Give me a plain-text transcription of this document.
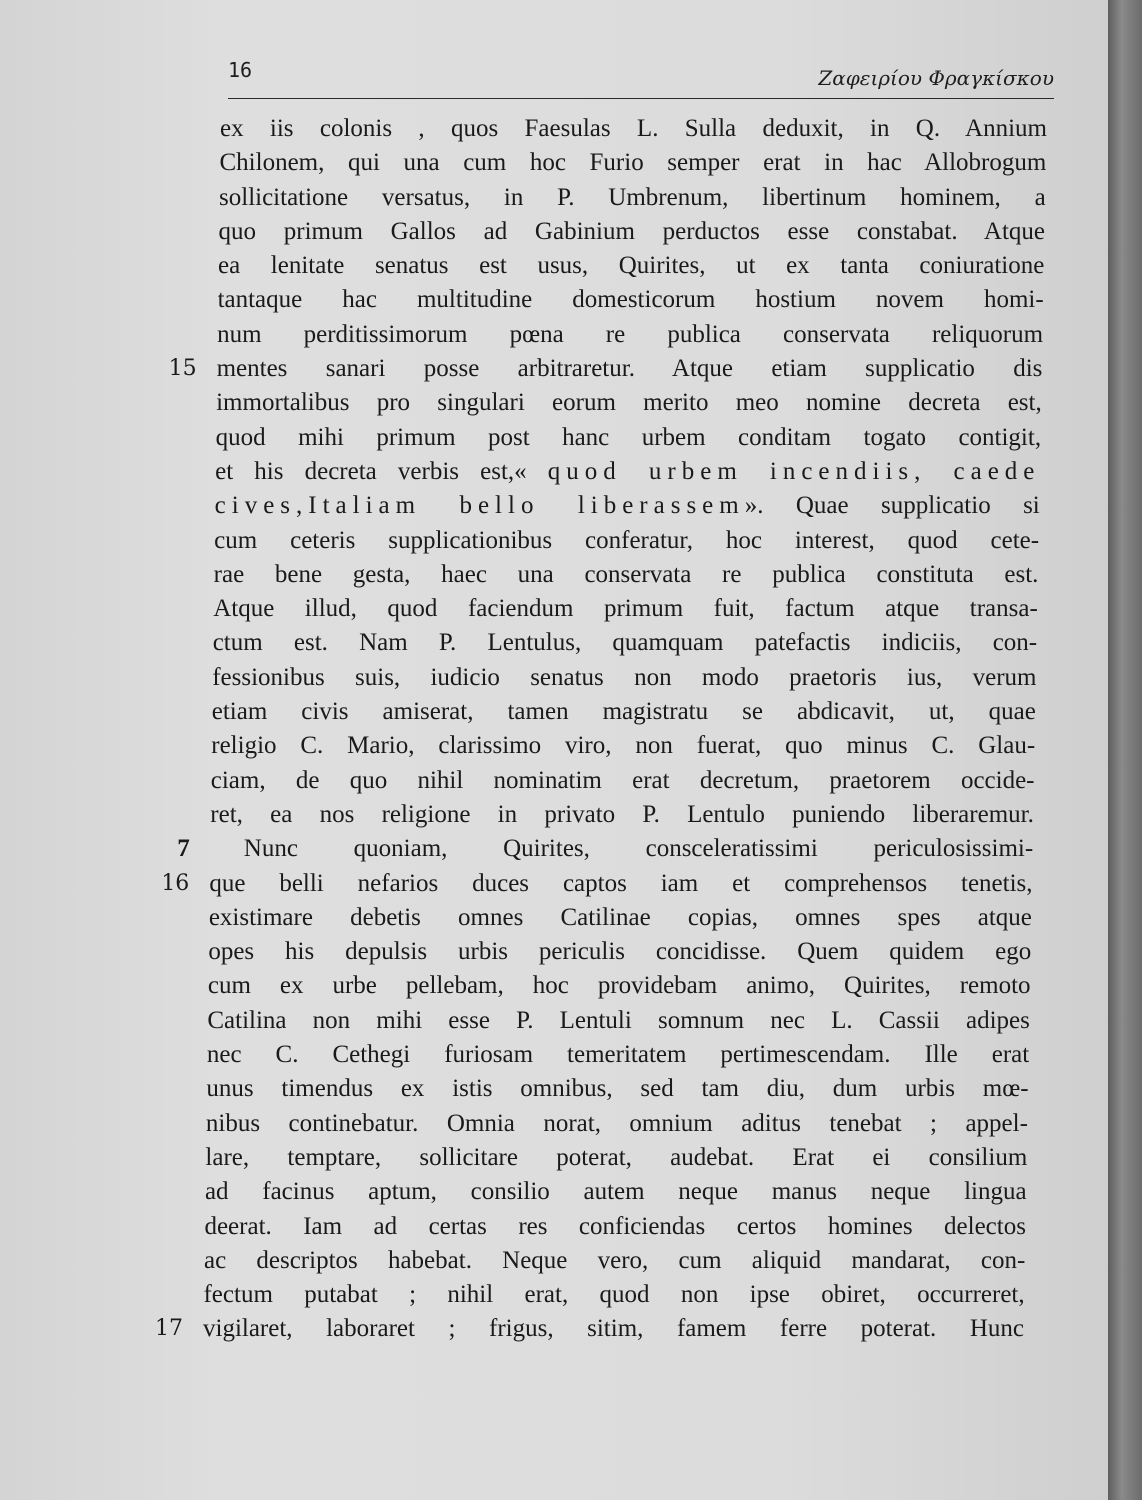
16	Ζαφειρίου Φραγκίσκου
ex iis colonis , quos Faesulas L. Sulla deduxit, in Q. Annium
Chilonem, qui una cum hoc Furio semper erat in hac Allobrogum
sollicitatione versatus, in P. Umbrenum, libertinum hominem, a
quo primum Gallos ad Gabinium perductos esse constabat. Atque
ea lenitate senatus est usus, Quirites, ut ex tanta coniuratione
tantaque hac multitudine domesticorum hostium novem homi-
num perditissimorum pœna re publica conservata reliquorum
15 mentes sanari posse arbitraretur. Atque etiam supplicatio dis
immortalibus pro singulari eorum merito meo nomine decreta est,
quod mihi primum post hanc urbem conditam togato contigit,
et his decreta verbis est,« quod urbem incendiis, caede
cives,Italiam bello liberassem». Quae supplicatio si
cum ceteris supplicationibus conferatur, hoc interest, quod cete-
rae bene gesta, haec una conservata re publica constituta est.
Atque illud, quod faciendum primum fuit, factum atque transa-
ctum est. Nam P. Lentulus, quamquam patefactis indiciis, con-
fessionibus suis, iudicio senatus non modo praetoris ius, verum
etiam civis amiserat, tamen magistratu se abdicavit, ut, quae
religio C. Mario, clarissimo viro, non fuerat, quo minus C. Glau-
ciam, de quo nihil nominatim erat decretum, praetorem occide-
ret, ea nos religione in privato P. Lentulo puniendo liberaremur.
7	Nunc quoniam, Quirites, consceleratissimi periculosissimi-
16 que belli nefarios duces captos iam et comprehensos tenetis,
existimare debetis omnes Catilinae copias, omnes spes atque
opes his depulsis urbis periculis concidisse. Quem quidem ego
cum ex urbe pellebam, hoc providebam animo, Quirites, remoto
Catilina non mihi esse P. Lentuli somnum nec L. Cassii adipes
nec C. Cethegi furiosam temeritatem pertimescendam. Ille erat
unus timendus ex istis omnibus, sed tam diu, dum urbis mœ-
nibus continebatur. Omnia norat, omnium aditus tenebat ; appel-
lare, temptare, sollicitare poterat, audebat. Erat ei consilium
ad facinus aptum, consilio autem neque manus neque lingua
deerat. Iam ad certas res conficiendas certos homines delectos
ac descriptos habebat. Neque vero, cum aliquid mandarat, con-
fectum putabat ; nihil erat, quod non ipse obiret, occurreret,
17 vigilaret, laboraret ; frigus, sitim, famem ferre poterat. Hunc
